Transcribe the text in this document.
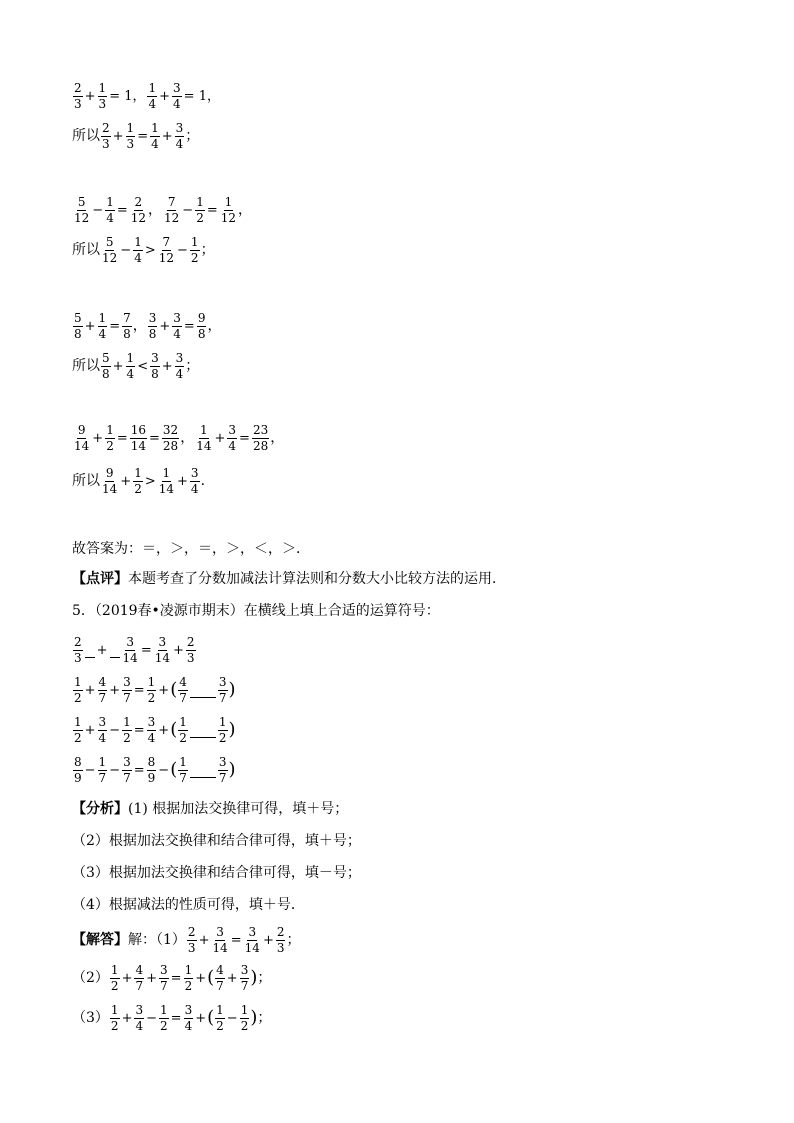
$\frac{2}{3} + \frac{1}{3} = 1$， $\frac{1}{4} + \frac{3}{4} = 1$，
所以 $\frac{2}{3} + \frac{1}{3} = \frac{1}{4} + \frac{3}{4}$ ；
$\frac{5}{12} - \frac{1}{4} = \frac{2}{12}$ ， $\frac{7}{12} - \frac{1}{2} = \frac{1}{12}$ ，
所以 $\frac{5}{12} - \frac{1}{4} > \frac{7}{12} - \frac{1}{2}$ ；
$\frac{5}{8} + \frac{1}{4} = \frac{7}{8}$ ， $\frac{3}{8} + \frac{3}{4} = \frac{9}{8}$ ，
所以 $\frac{5}{8} + \frac{1}{4} < \frac{3}{8} + \frac{3}{4}$ ；
$\frac{9}{14} + \frac{1}{2} = \frac{16}{14} = \frac{32}{28}$ ， $\frac{1}{14} + \frac{3}{4} = \frac{23}{28}$ ，
所以 $\frac{9}{14} + \frac{1}{2} > \frac{1}{14} + \frac{3}{4}$ .
故答案为：＝，＞，＝，＞，＜，＞．
【点评】 本题考查了分数加减法计算法则和分数大小比较方法的运用．
5．（2019春•凌源市期末）在横线上填上合适的运算符号：
$\frac{2}{3} + \frac{3}{14} = \frac{3}{14} + \frac{2}{3}$
$\frac{1}{2} + \frac{4}{7} + \frac{3}{7} = \frac{1}{2}$ + ( $\frac{4}{7}$	$\frac{3}{7}$ )
$\frac{1}{2} + \frac{3}{4} - \frac{1}{2} = \frac{3}{4}$ + ( $\frac{1}{2}$	$\frac{1}{2}$ )
$\frac{8}{9} - \frac{1}{7} - \frac{3}{7} = \frac{8}{9}$ − ( $\frac{1}{7}$	$\frac{3}{7}$ )
【分析】 (1) 根据加法交换律可得，填＋号；
（2）根据加法交换律和结合律可得，填＋号；
（3）根据加法交换律和结合律可得，填－号；
（4）根据减法的性质可得，填＋号．
【解答】 解：$(1) \frac{2}{3} + \frac{3}{14} = \frac{3}{14} + \frac{2}{3}$ ；
$(2) \frac{1}{2} + \frac{4}{7} + \frac{3}{7} = \frac{1}{2}$ + ( $\frac{4}{7} + \frac{3}{7}$ ) ；
$(3) \frac{1}{2} + \frac{3}{4} - \frac{1}{2} = \frac{3}{4}$ + ( $\frac{1}{2} - \frac{1}{2}$ ) ；
